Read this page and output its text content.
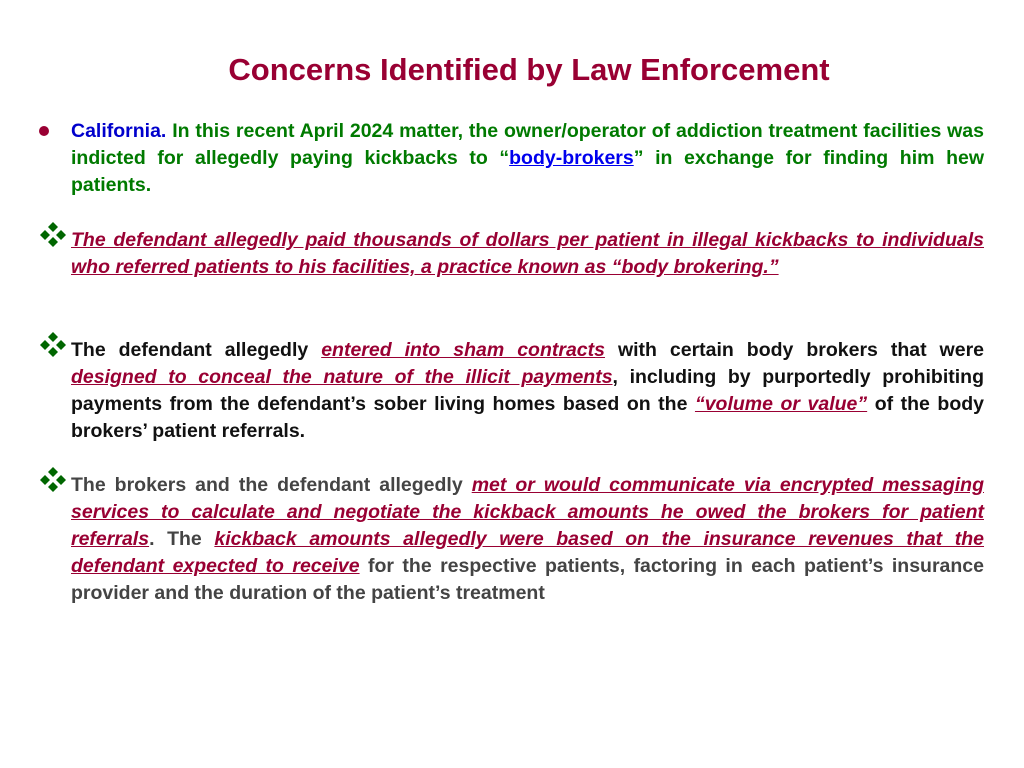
Concerns Identified by Law Enforcement

California. In this recent April 2024 matter, the owner/operator of addiction treatment facilities was indicted for allegedly paying kickbacks to “body-brokers” in exchange for finding him hew patients.

The defendant allegedly paid thousands of dollars per patient in illegal kickbacks to individuals who referred patients to his facilities, a practice known as “body brokering.”

The defendant allegedly entered into sham contracts with certain body brokers that were designed to conceal the nature of the illicit payments, including by purportedly prohibiting payments from the defendant’s sober living homes based on the “volume or value” of the body brokers’ patient referrals.

The brokers and the defendant allegedly met or would communicate via encrypted messaging services to calculate and negotiate the kickback amounts he owed the brokers for patient referrals. The kickback amounts allegedly were based on the insurance revenues that the defendant expected to receive for the respective patients, factoring in each patient’s insurance provider and the duration of the patient’s treatment
